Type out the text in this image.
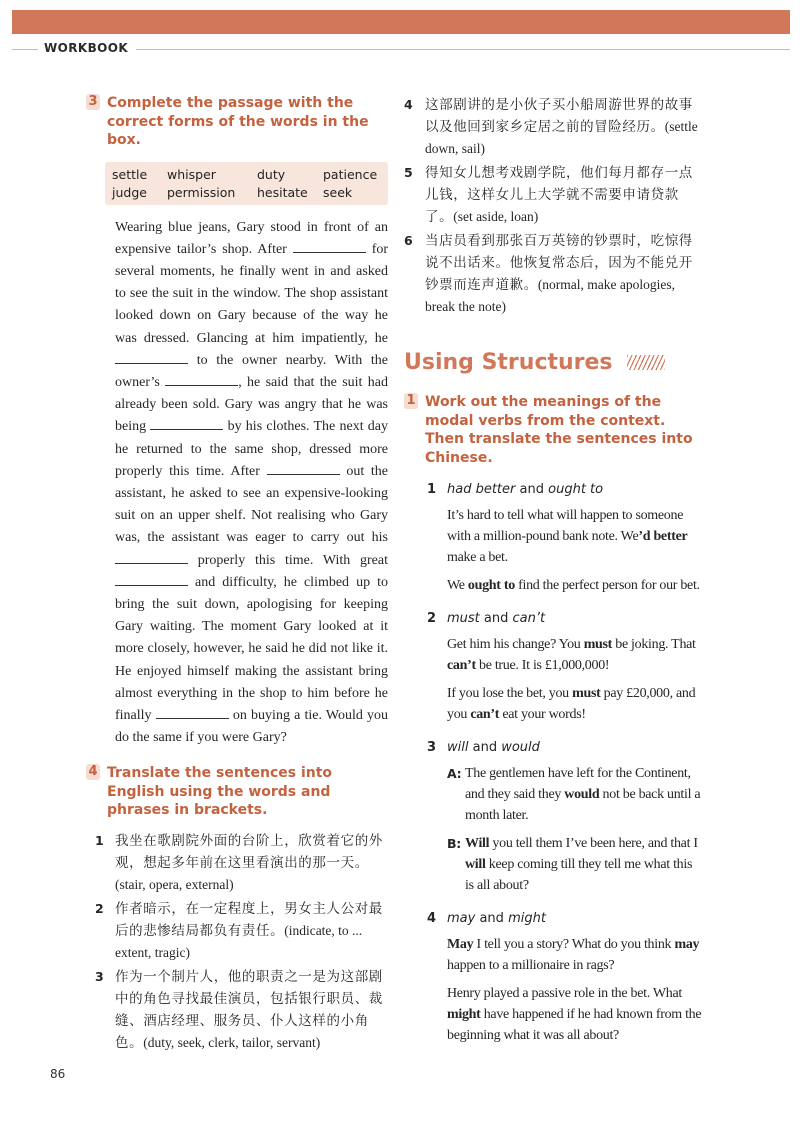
WORKBOOK
3 Complete the passage with the correct forms of the words in the box.
settle	whisper	duty	patience
judge	permission	hesitate	seek
Wearing blue jeans, Gary stood in front of an expensive tailor’s shop. After	for several moments, he finally went in and asked to see the suit in the window. The shop assistant looked down on Gary because of the way he was dressed. Glancing at him impatiently, he  to the owner nearby. With the owner’s	, he said that the suit had already been sold. Gary was angry that he was being	by his clothes. The next day he returned to the same shop, dressed more properly this time. After	out the assistant, he asked to see an expensive-looking suit on an upper shelf. Not realising who Gary was, the assistant was eager to carry out his  properly this time. With great  and difficulty, he climbed up to bring the suit down, apologising for keeping Gary waiting. The moment Gary looked at it more closely, however, he said he did not like it. He enjoyed himself making the assistant bring almost everything in the shop to him before he finally	on buying a tie. Would you do the same if you were Gary?
4 Translate the sentences into English using the words and phrases in brackets.
1 我坐在歌剧院外面的台阶上，欣赏着它的外观，想起多年前在这里看演出的那一天。 (stair, opera, external)
2 作者暗示，在一定程度上，男女主人公对最后的悲惨结局都负有责任。(indicate, to ... extent, tragic)
3 作为一个制片人，他的职责之一是为这部剧中的角色寻找最佳演员，包括银行职员、裁缝、酒店经理、服务员、仆人这样的小角色。(duty, seek, clerk, tailor, servant)
4 这部剧讲的是小伙子买小船周游世界的故事以及他回到家乡定居之前的冒险经历。(settle down, sail)
5 得知女儿想考戏剧学院，他们每月都存一点儿钱，这样女儿上大学就不需要申请贷款了。(set aside, loan)
6 当店员看到那张百万英镑的钞票时，吃惊得说不出话来。他恢复常态后，因为不能兑开钞票而连声道歉。(normal, make apologies, break the note)
Using Structures
1 Work out the meanings of the modal verbs from the context. Then translate the sentences into Chinese.
1 had better and ought to
It’s hard to tell what will happen to someone with a million-pound bank note. We’d better make a bet.
We ought to find the perfect person for our bet.
2 must and can’t
Get him his change? You must be joking. That can’t be true. It is £1,000,000!
If you lose the bet, you must pay £20,000, and you can’t eat your words!
3 will and would
A: The gentlemen have left for the Continent, and they said they would not be back until a month later.
B: Will you tell them I’ve been here, and that I will keep coming till they tell me what this is all about?
4 may and might
May I tell you a story? What do you think may happen to a millionaire in rags?
Henry played a passive role in the bet. What might have happened if he had known from the beginning what it was all about?
86
